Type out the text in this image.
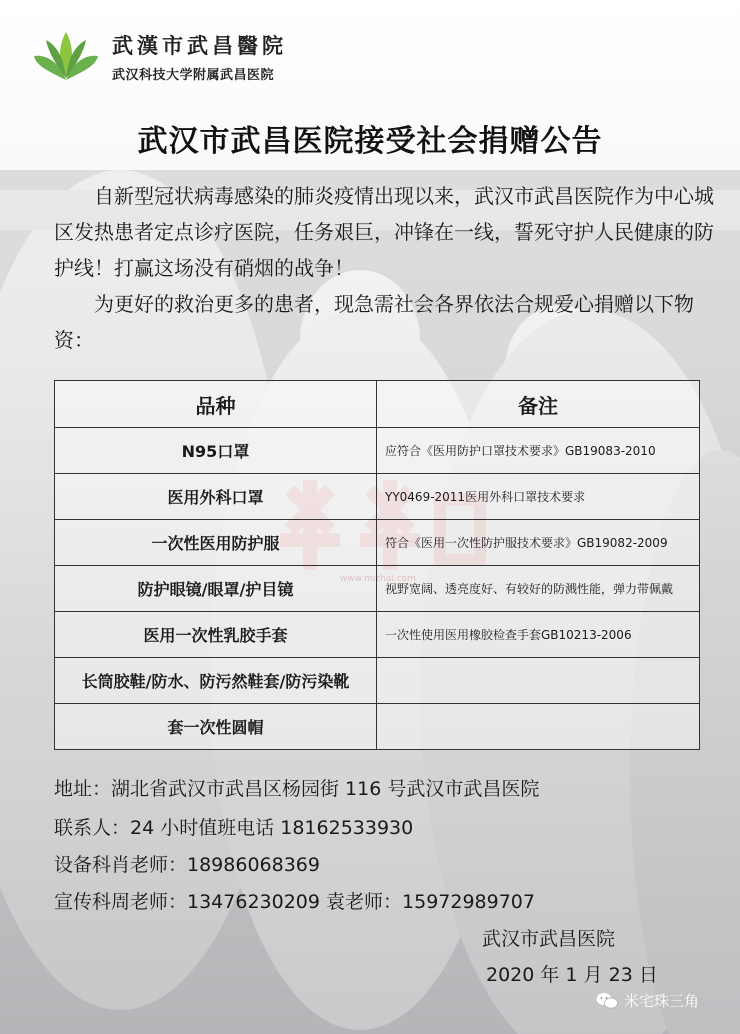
武漢市武昌醫院
武汉科技大学附属武昌医院
武汉市武昌医院接受社会捐赠公告
自新型冠状病毒感染的肺炎疫情出现以来，武汉市武昌医院作为中心城区发热患者定点诊疗医院，任务艰巨，冲锋在一线，誓死守护人民健康的防护线！打赢这场没有硝烟的战争！
为更好的救治更多的患者，现急需社会各界依法合规爱心捐赠以下物资：
www.mizhai.com
品种	备注
N95口罩	应符合《医用防护口罩技术要求》GB19083-2010
医用外科口罩	YY0469-2011医用外科口罩技术要求
一次性医用防护服	符合《医用一次性防护服技术要求》GB19082-2009
防护眼镜/眼罩/护目镜	视野宽阔、透亮度好、有较好的防溅性能，弹力带佩戴
医用一次性乳胶手套	一次性使用医用橡胶检查手套GB10213-2006
长筒胶鞋/防水、防污然鞋套/防污染靴	
套一次性圆帽	
地址：湖北省武汉市武昌区杨园街 116 号武汉市武昌医院
联系人：24 小时值班电话 18162533930
设备科肖老师：18986068369
宣传科周老师：13476230209 袁老师：15972989707
武汉市武昌医院
2020 年 1 月 23 日
米宅珠三角
